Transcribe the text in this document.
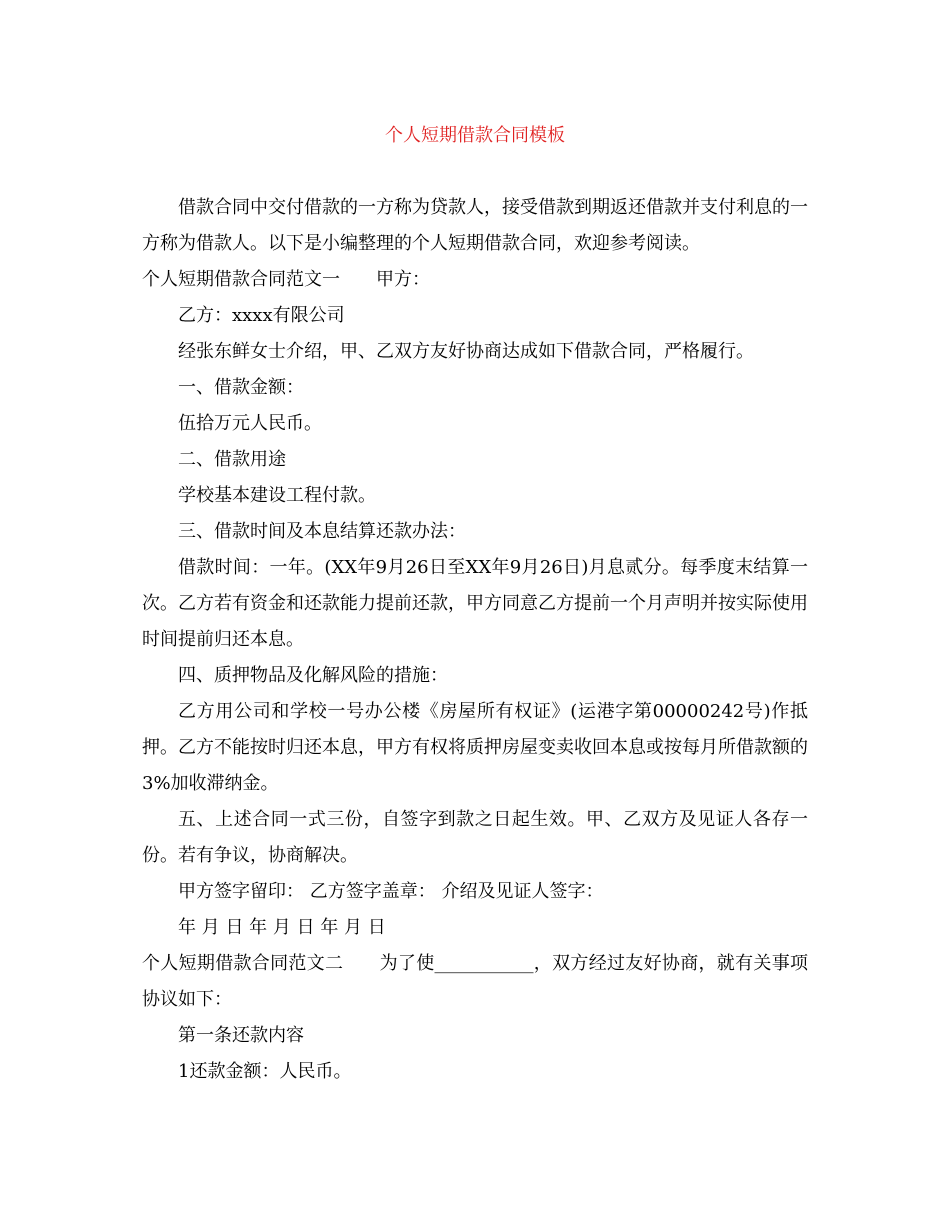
个人短期借款合同模板

借款合同中交付借款的一方称为贷款人，接受借款到期返还借款并支付利息的一方称为借款人。以下是小编整理的个人短期借款合同，欢迎参考阅读。

个人短期借款合同范文一 甲方：

乙方：xxxx有限公司

经张东鲜女士介绍，甲、乙双方友好协商达成如下借款合同，严格履行。

一、借款金额：

伍拾万元人民币。

二、借款用途

学校基本建设工程付款。

三、借款时间及本息结算还款办法：

借款时间：一年。(XX年9月26日至XX年9月26日)月息贰分。每季度末结算一次。乙方若有资金和还款能力提前还款，甲方同意乙方提前一个月声明并按实际使用时间提前归还本息。

四、质押物品及化解风险的措施：

乙方用公司和学校一号办公楼《房屋所有权证》(运港字第00000242号)作抵押。乙方不能按时归还本息，甲方有权将质押房屋变卖收回本息或按每月所借款额的3%加收滞纳金。

五、上述合同一式三份，自签字到款之日起生效。甲、乙双方及见证人各存一份。若有争议，协商解决。

甲方签字留印： 乙方签字盖章： 介绍及见证人签字：

年 月 日 年 月 日 年 月 日

个人短期借款合同范文二 为了使___________，双方经过友好协商，就有关事项协议如下：

第一条还款内容

1还款金额：人民币。
